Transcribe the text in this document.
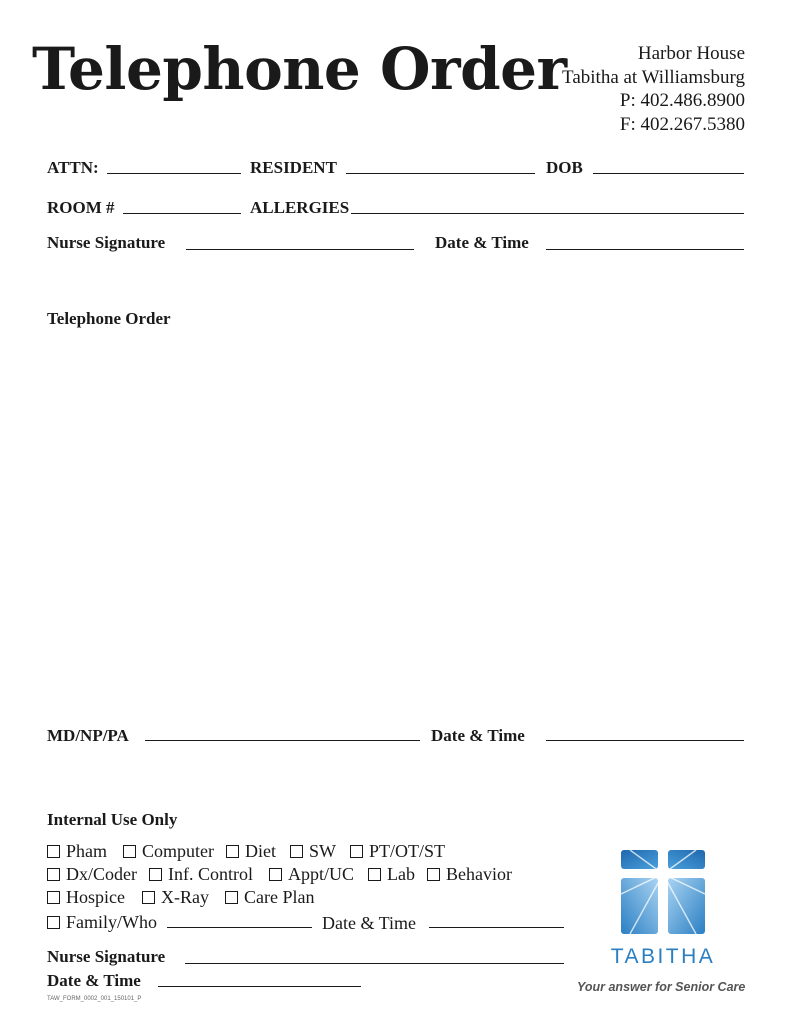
Telephone Order	Harbor House
Tabitha at Williamsburg
P: 402.486.8900
F: 402.267.5380
ATTN:	RESIDENT	DOB
ROOM #	ALLERGIES
Nurse Signature	Date & Time
Telephone Order
MD/NP/PA	Date & Time
Internal Use Only
Pham Computer Diet SW PT/OT/ST
Dx/Coder Inf. Control Appt/UC Lab Behavior
Hospice X-Ray Care Plan
Family/Who	Date & Time
Nurse Signature
Date & Time
TAW_FORM_0002_001_150101_P
TABITHA
Your answer for Senior Care
